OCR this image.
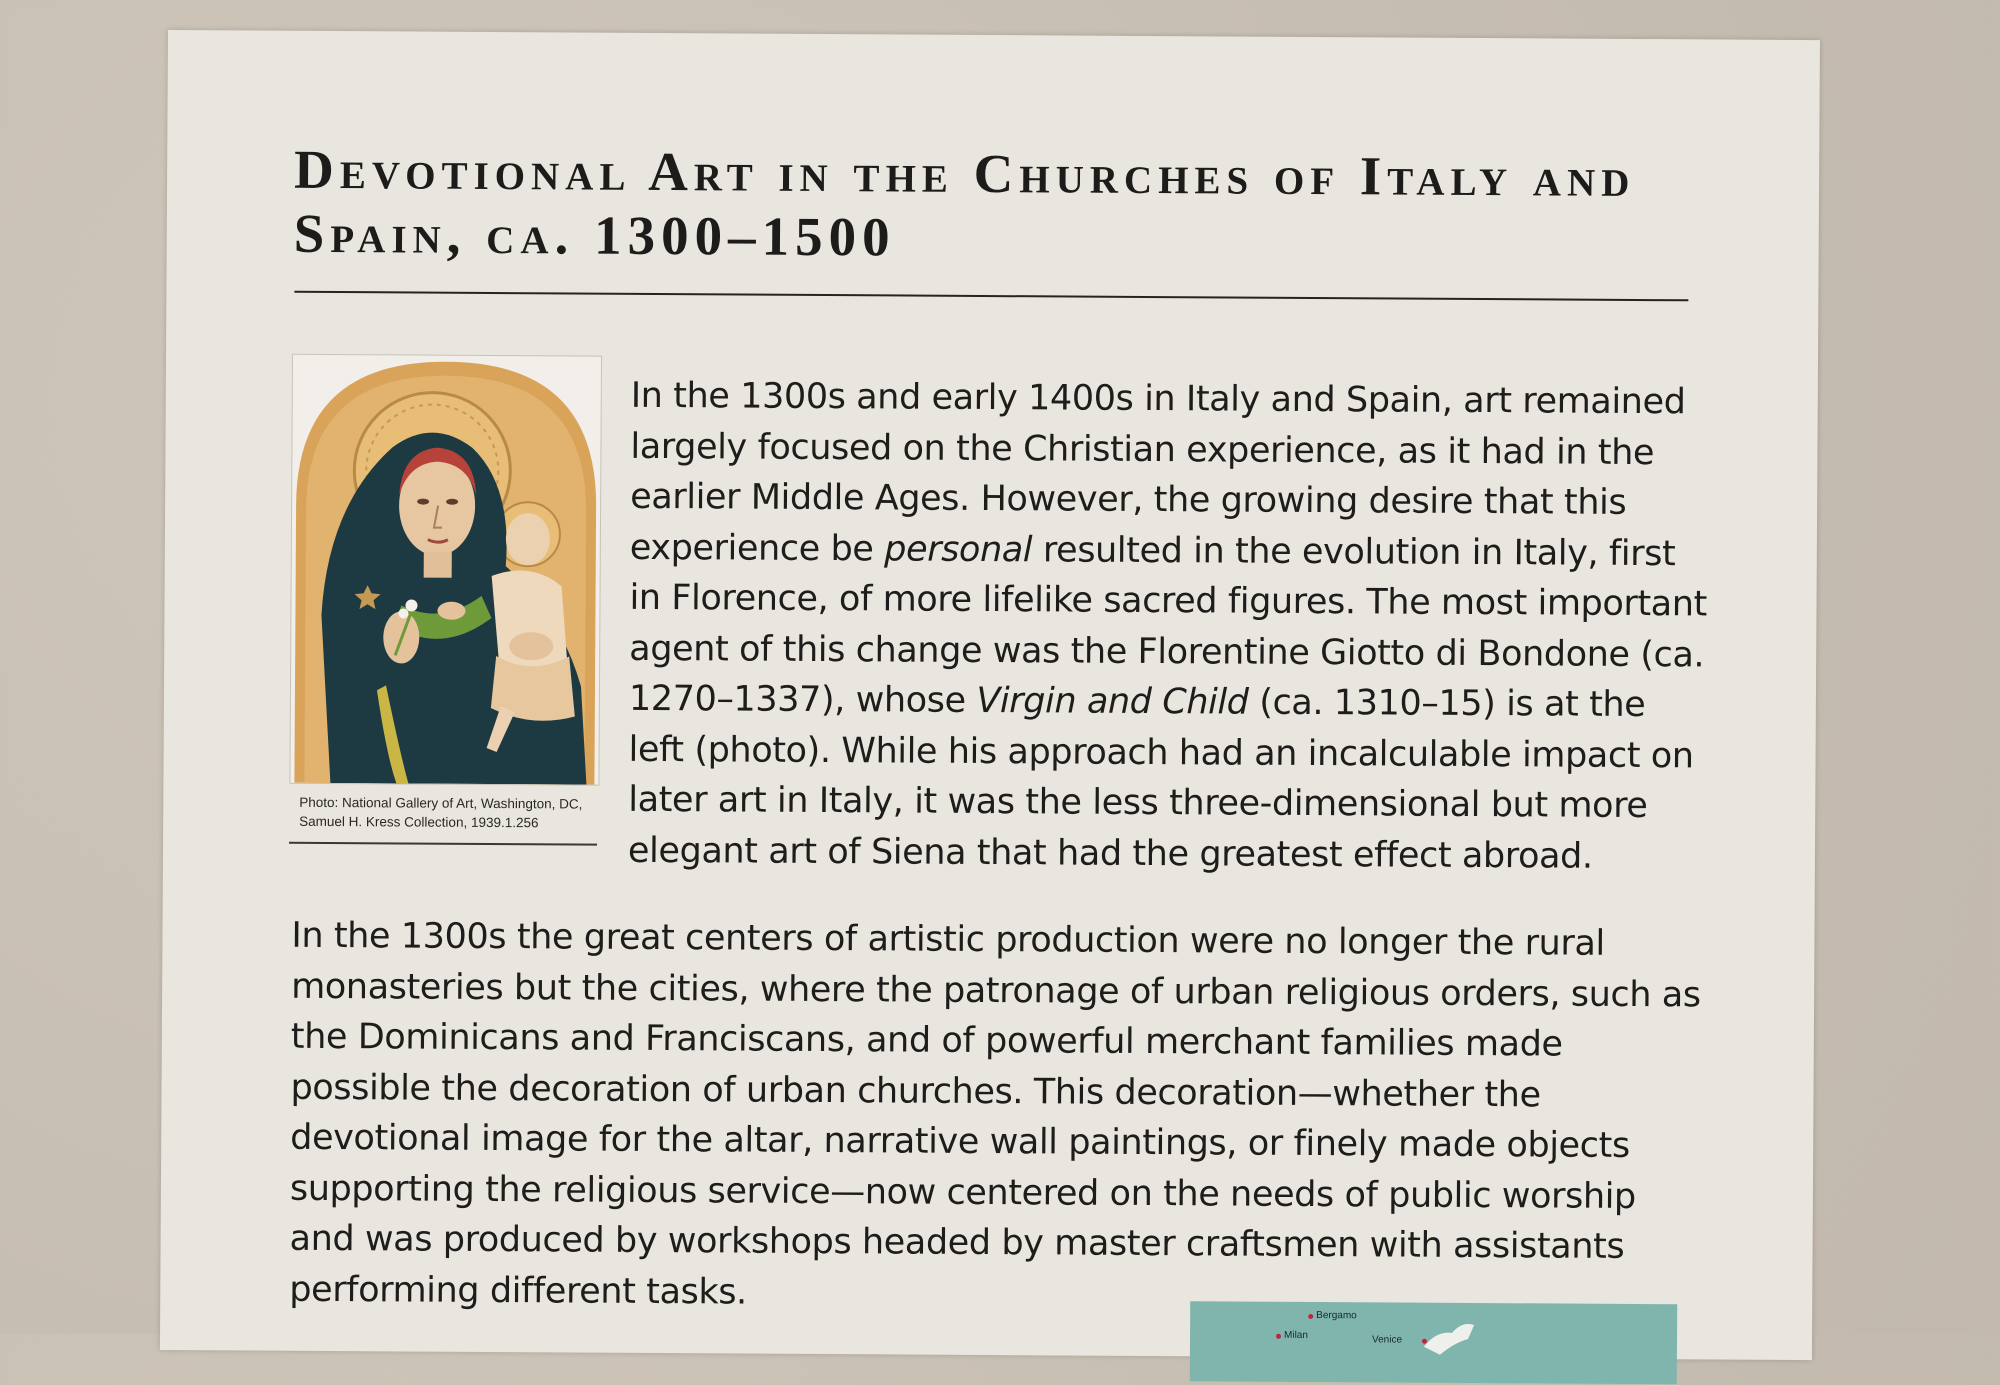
Devotional Art in the Churches of Italy and Spain, ca. 1300–1500
Photo: National Gallery of Art, Washington, DC, Samuel H. Kress Collection, 1939.1.256

In the 1300s and early 1400s in Italy and Spain, art remained largely focused on the Christian experience, as it had in the earlier Middle Ages. However, the growing desire that this experience be personal resulted in the evolution in Italy, first in Florence, of more lifelike sacred figures. The most important agent of this change was the Florentine Giotto di Bondone (ca. 1270–1337), whose Virgin and Child (ca. 1310–15) is at the left (photo). While his approach had an incalculable impact on later art in Italy, it was the less three-dimensional but more elegant art of Siena that had the greatest effect abroad.

In the 1300s the great centers of artistic production were no longer the rural monasteries but the cities, where the patronage of urban religious orders, such as the Dominicans and Franciscans, and of powerful merchant families made possible the decoration of urban churches. This decoration—whether the devotional image for the altar, narrative wall paintings, or finely made objects supporting the religious service—now centered on the needs of public worship and was produced by workshops headed by master craftsmen with assistants performing different tasks.

Bergamo
Milan	Venice
